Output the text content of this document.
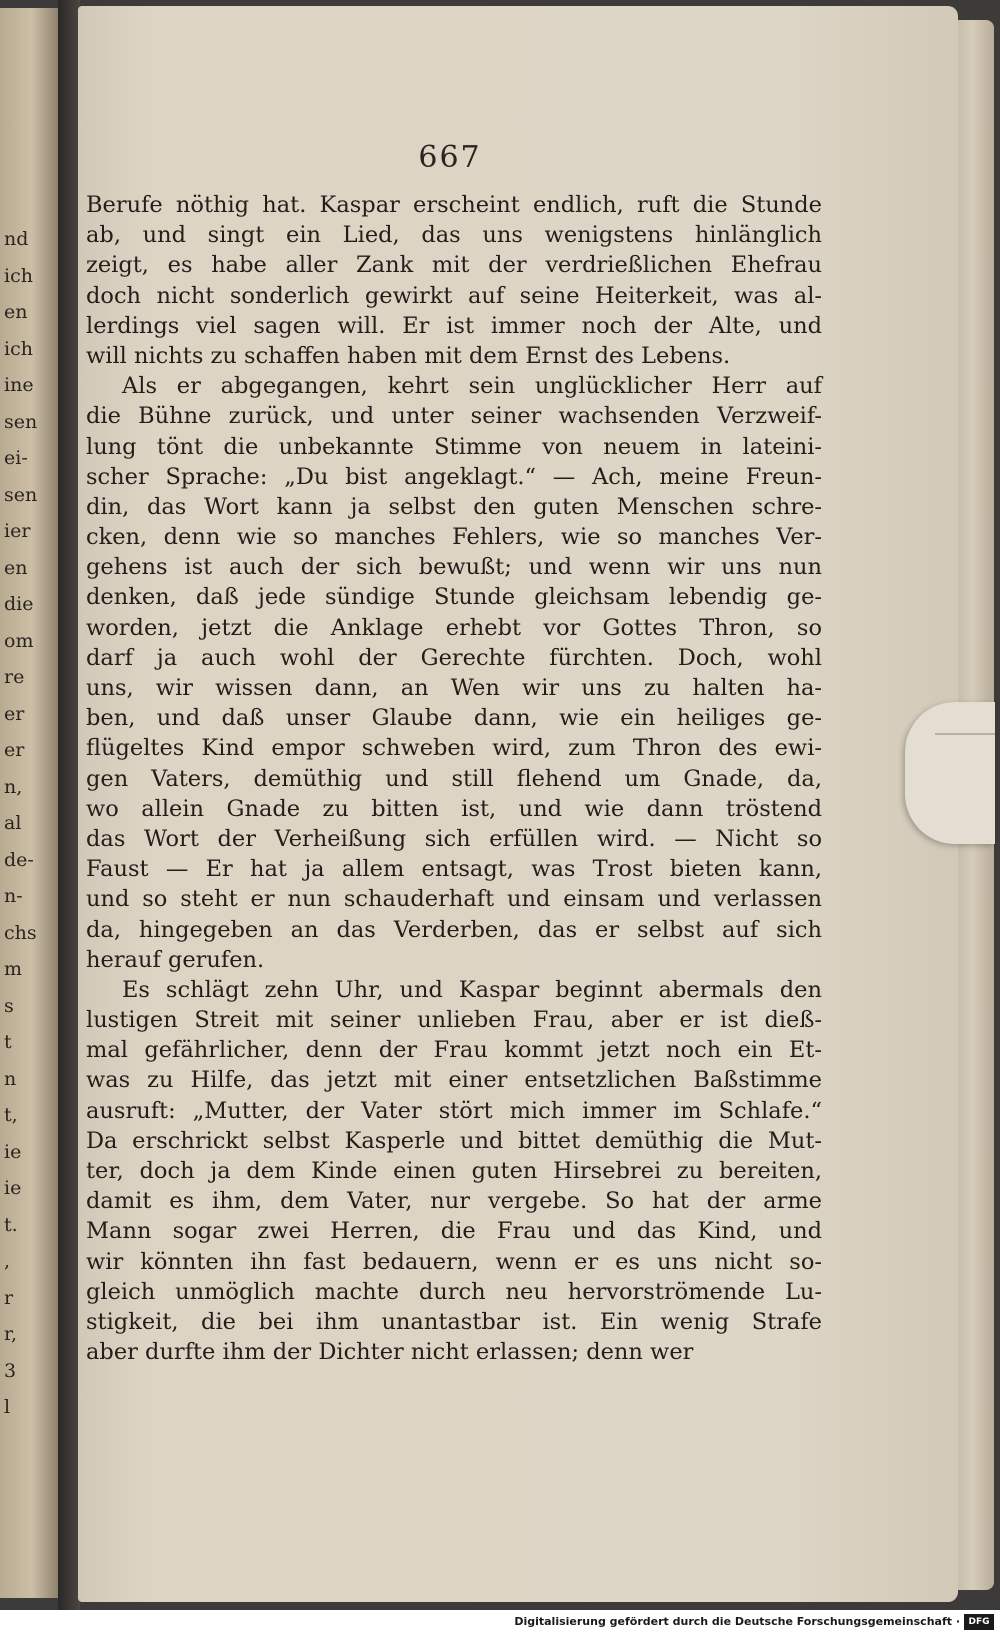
nd
ich
en
ich
ine
sen
ei-
sen
ier
en
die
om
re
er
er
n,
al
de-
n-
chs
m
s
t
n
t,
ie
ie
t.
,
r
r,
3
l
667
Berufe nöthig hat. Kaspar erscheint endlich, ruft die Stunde
ab, und singt ein Lied, das uns wenigstens hinlänglich
zeigt, es habe aller Zank mit der verdrießlichen Ehefrau
doch nicht sonderlich gewirkt auf seine Heiterkeit, was al-
lerdings viel sagen will. Er ist immer noch der Alte, und
will nichts zu schaffen haben mit dem Ernst des Lebens.
Als er abgegangen, kehrt sein unglücklicher Herr auf
die Bühne zurück, und unter seiner wachsenden Verzweif-
lung tönt die unbekannte Stimme von neuem in lateini-
scher Sprache: „Du bist angeklagt.“ — Ach, meine Freun-
din, das Wort kann ja selbst den guten Menschen schre-
cken, denn wie so manches Fehlers, wie so manches Ver-
gehens ist auch der sich bewußt; und wenn wir uns nun
denken, daß jede sündige Stunde gleichsam lebendig ge-
worden, jetzt die Anklage erhebt vor Gottes Thron, so
darf ja auch wohl der Gerechte fürchten. Doch, wohl
uns, wir wissen dann, an Wen wir uns zu halten ha-
ben, und daß unser Glaube dann, wie ein heiliges ge-
flügeltes Kind empor schweben wird, zum Thron des ewi-
gen Vaters, demüthig und still flehend um Gnade, da,
wo allein Gnade zu bitten ist, und wie dann tröstend
das Wort der Verheißung sich erfüllen wird. — Nicht so
Faust — Er hat ja allem entsagt, was Trost bieten kann,
und so steht er nun schauderhaft und einsam und verlassen
da, hingegeben an das Verderben, das er selbst auf sich
herauf gerufen.
Es schlägt zehn Uhr, und Kaspar beginnt abermals den
lustigen Streit mit seiner unlieben Frau, aber er ist dieß-
mal gefährlicher, denn der Frau kommt jetzt noch ein Et-
was zu Hilfe, das jetzt mit einer entsetzlichen Baßstimme
ausruft: „Mutter, der Vater stört mich immer im Schlafe.“
Da erschrickt selbst Kasperle und bittet demüthig die Mut-
ter, doch ja dem Kinde einen guten Hirsebrei zu bereiten,
damit es ihm, dem Vater, nur vergebe. So hat der arme
Mann sogar zwei Herren, die Frau und das Kind, und
wir könnten ihn fast bedauern, wenn er es uns nicht so-
gleich unmöglich machte durch neu hervorströmende Lu-
stigkeit, die bei ihm unantastbar ist. Ein wenig Strafe
aber durfte ihm der Dichter nicht erlassen; denn wer
Digitalisierung gefördert durch die Deutsche Forschungsgemeinschaft · DFG
